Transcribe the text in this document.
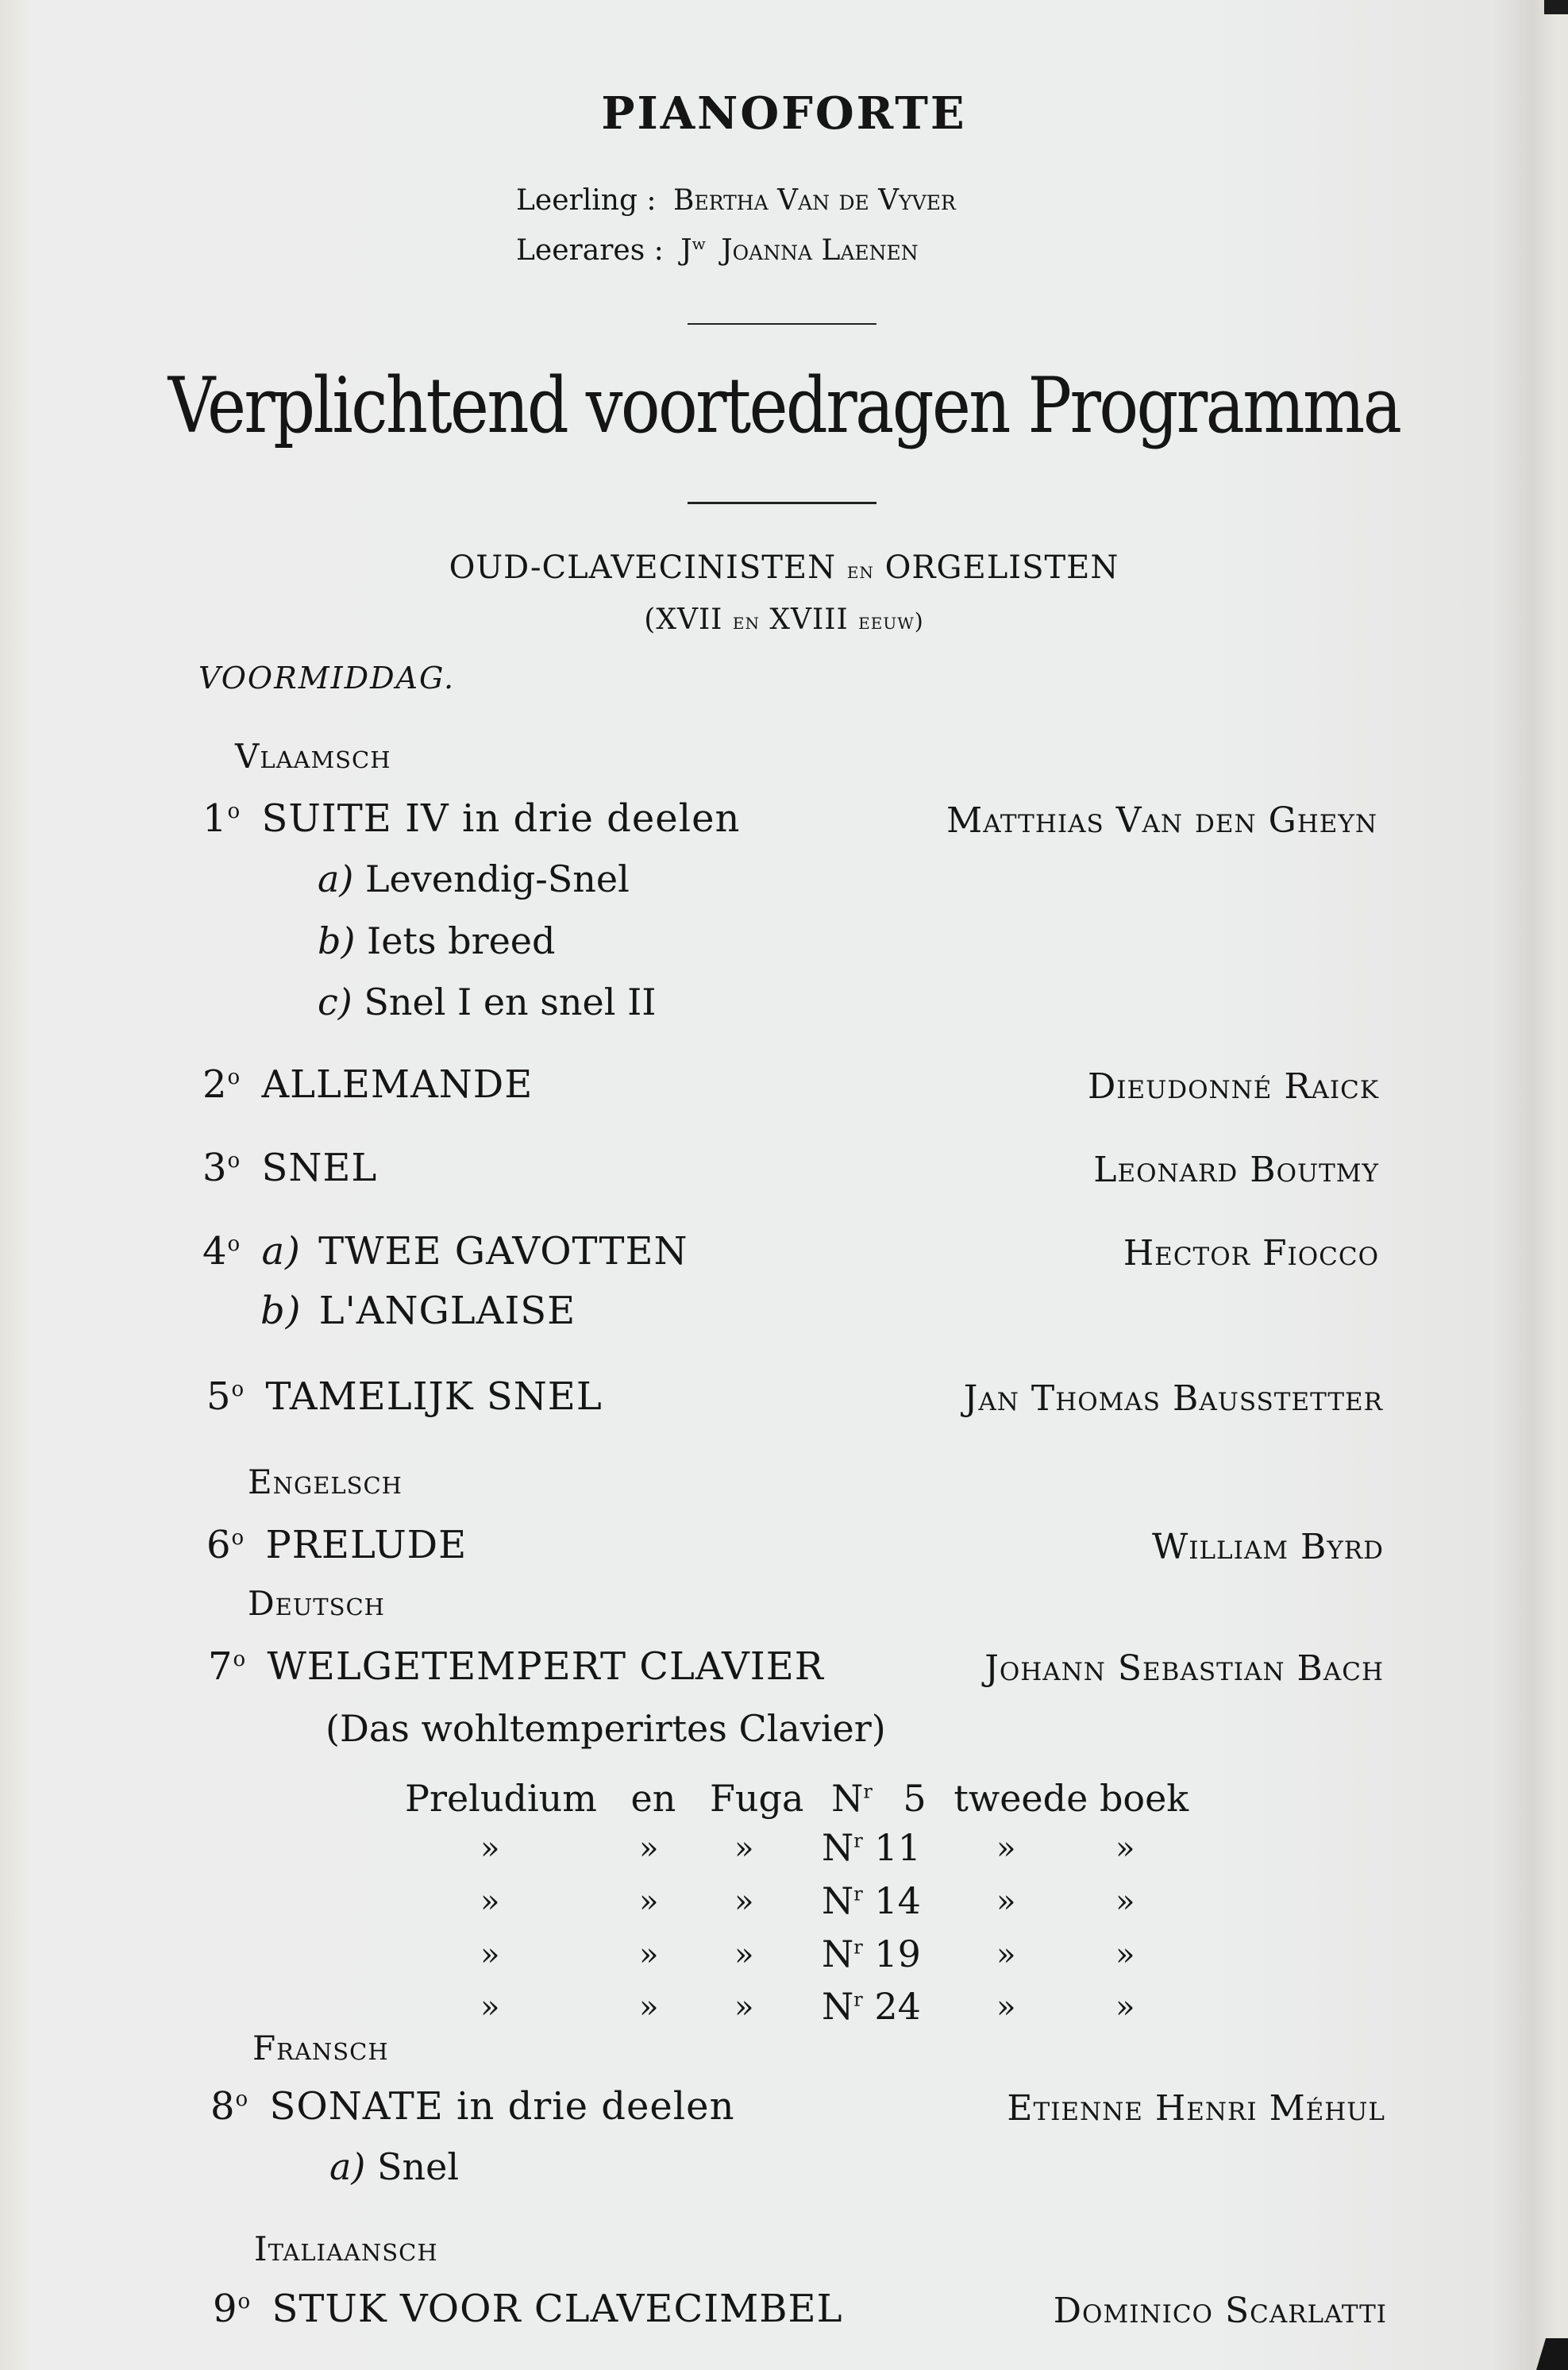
PIANOFORTE
Leerling : Bertha Van de Vyver
Leerares : $J^w$ Joanna Laenen
Verplichtend voortedragen Programma
OUD-CLAVECINISTEN en ORGELISTEN
(XVII en XVIII eeuw)
VOORMIDDAG.
Vlaamsch
1$^o$ SUITE IV in drie deelen	Matthias Van den Gheyn
a) Levendig-Snel
b) Iets breed
c) Snel I en snel II
2$^o$ ALLEMANDE	Dieudonné Raick
3$^o$ SNEL	Leonard Boutmy
4$^o$ a) TWEE GAVOTTEN	Hector Fiocco
b) L'ANGLAISE
5$^o$ TAMELIJK SNEL	Jan Thomas Bausstetter
Engelsch
6$^o$ PRELUDE	William Byrd
Deutsch
7$^o$ WELGETEMPERT CLAVIER	Johann Sebastian Bach
(Das wohltemperirtes Clavier)
Preludium en Fuga $N^r$ 5 tweede boek
»	» » $N^r$ 11 »	»
»	» » $N^r$ 14 »	»
»	» » $N^r$ 19 »	»
»	» » $N^r$ 24 »	»
Fransch
8$^o$ SONATE in drie deelen	Etienne Henri Méhul
a) Snel
Italiaansch
9$^o$ STUK VOOR CLAVECIMBEL	Dominico Scarlatti
